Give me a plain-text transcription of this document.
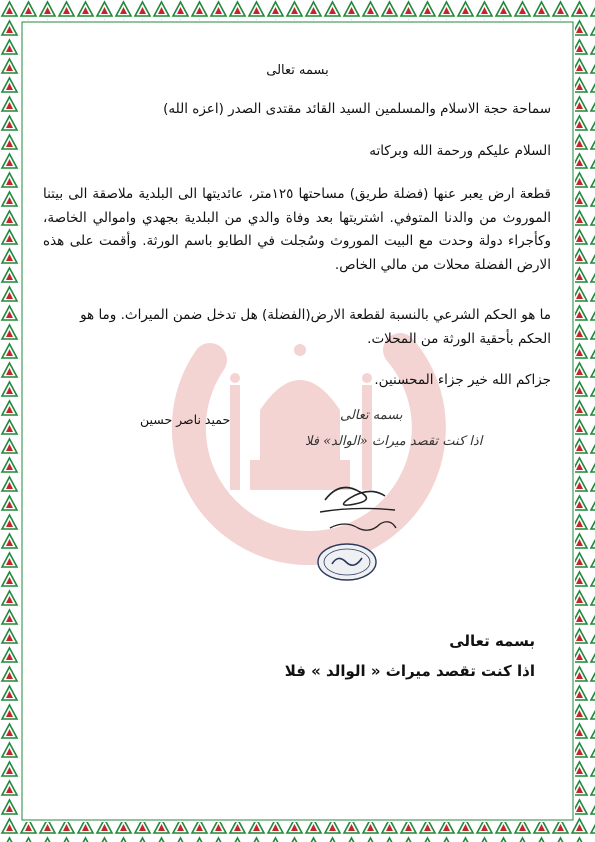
بسمه تعالى
سماحة حجة الاسلام والمسلمين السيد القائد مقتدى الصدر (اعزه الله)
السلام عليكم ورحمة الله وبركاته
قطعة ارض يعبر عنها (فضلة طريق) مساحتها ١٢٥متر، عائديتها الى البلدية ملاصقة الى بيتنا الموروث من والدنا المتوفي. اشتريتها بعد وفاة والدي من البلدية بجهدي واموالي الخاصة، وكأجراء دولة وحدت مع البيت الموروث وسُجلت في الطابو باسم الورثة. وأقمت على هذه الارض الفضلة محلات من مالي الخاص.
ما هو الحكم الشرعي بالنسبة لقطعة الارض(الفضلة) هل تدخل ضمن الميراث. وما هو الحكم بأحقية الورثة من المحلات.
جزاكم الله خير جزاء المحسنين.
حميد ناصر حسين	بسمه تعالى
اذا كنت تقصد ميراث «الوالد» فلا
بسمه تعالى
اذا كنت تقصد ميراث « الوالد » فلا
